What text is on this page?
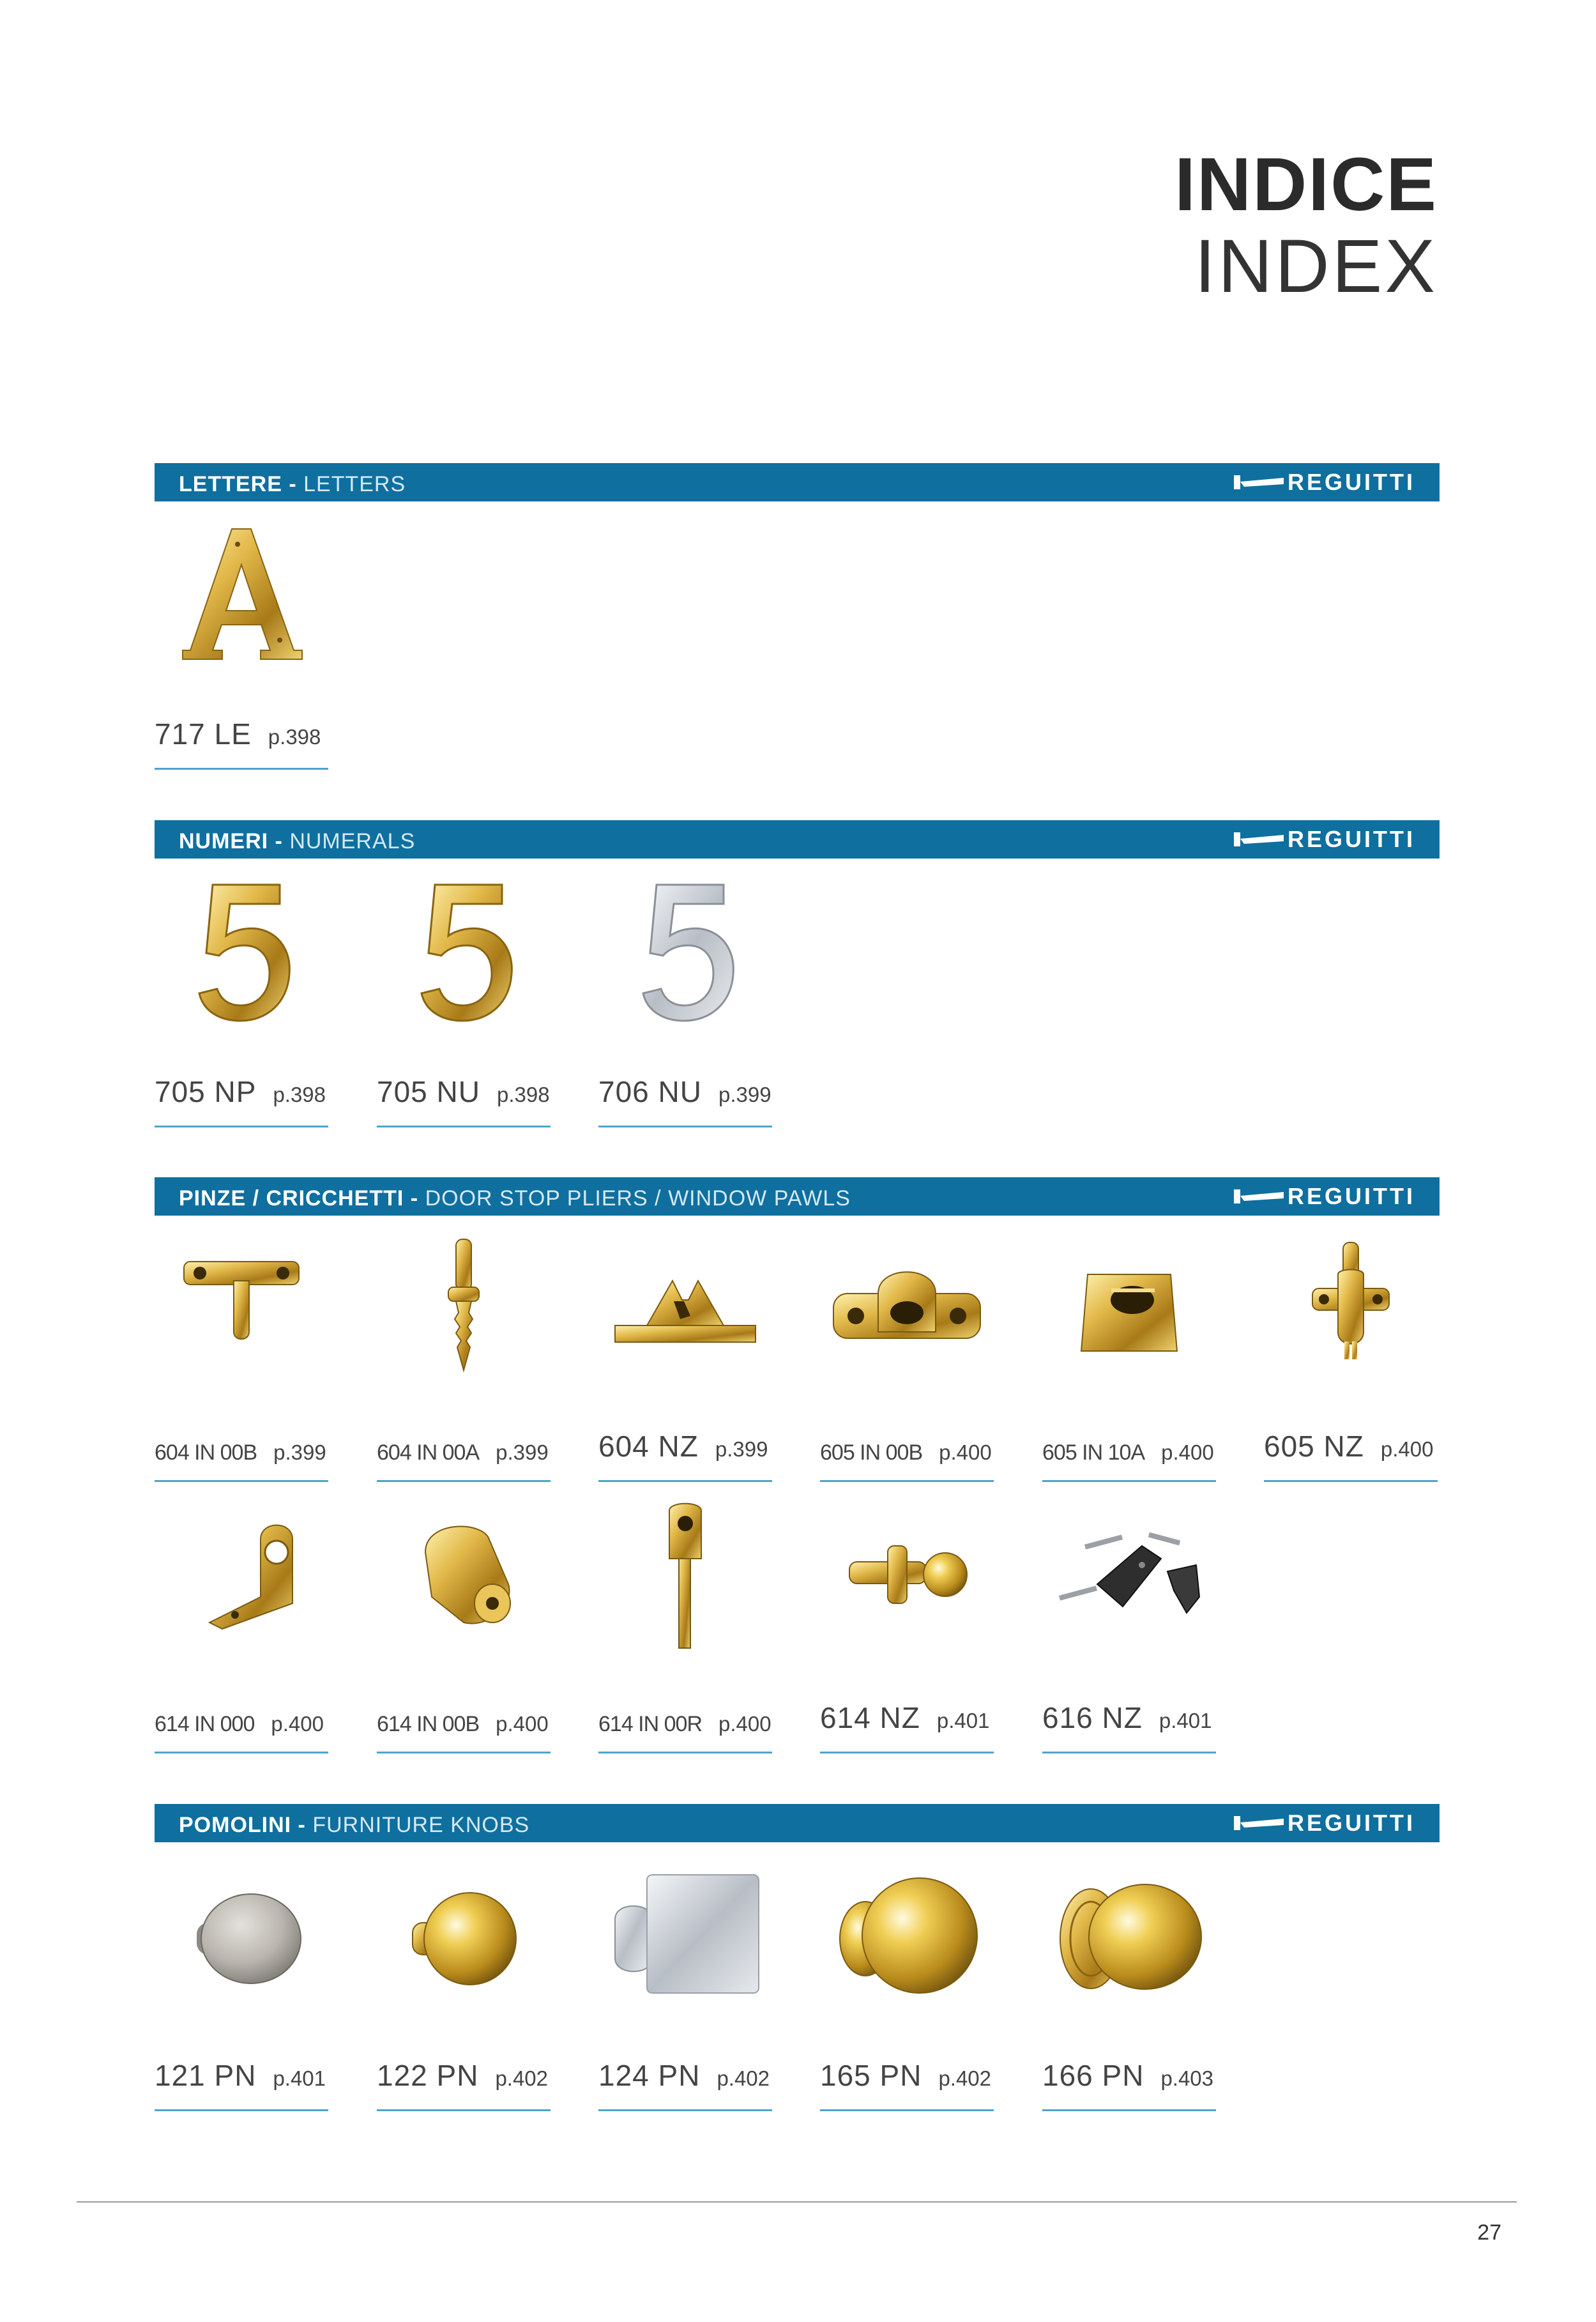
INDICE
INDEX
LETTERE - LETTERS	REGUITTI
717 LE p.398
NUMERI - NUMERALS	REGUITTI
705 NP p.398 705 NU p.398 706 NU p.399
PINZE / CRICCHETTI - DOOR STOP PLIERS / WINDOW PAWLS	REGUITTI
604 IN 00B p.399 604 IN 00A p.399 604 NZ p.399 605 IN 00B p.400 605 IN 10A p.400 605 NZ p.400
614 IN 000 p.400 614 IN 00B p.400 614 IN 00R p.400 614 NZ p.401 616 NZ p.401
POMOLINI - FURNITURE KNOBS	REGUITTI
121 PN p.401 122 PN p.402 124 PN p.402 165 PN p.402 166 PN p.403
27
